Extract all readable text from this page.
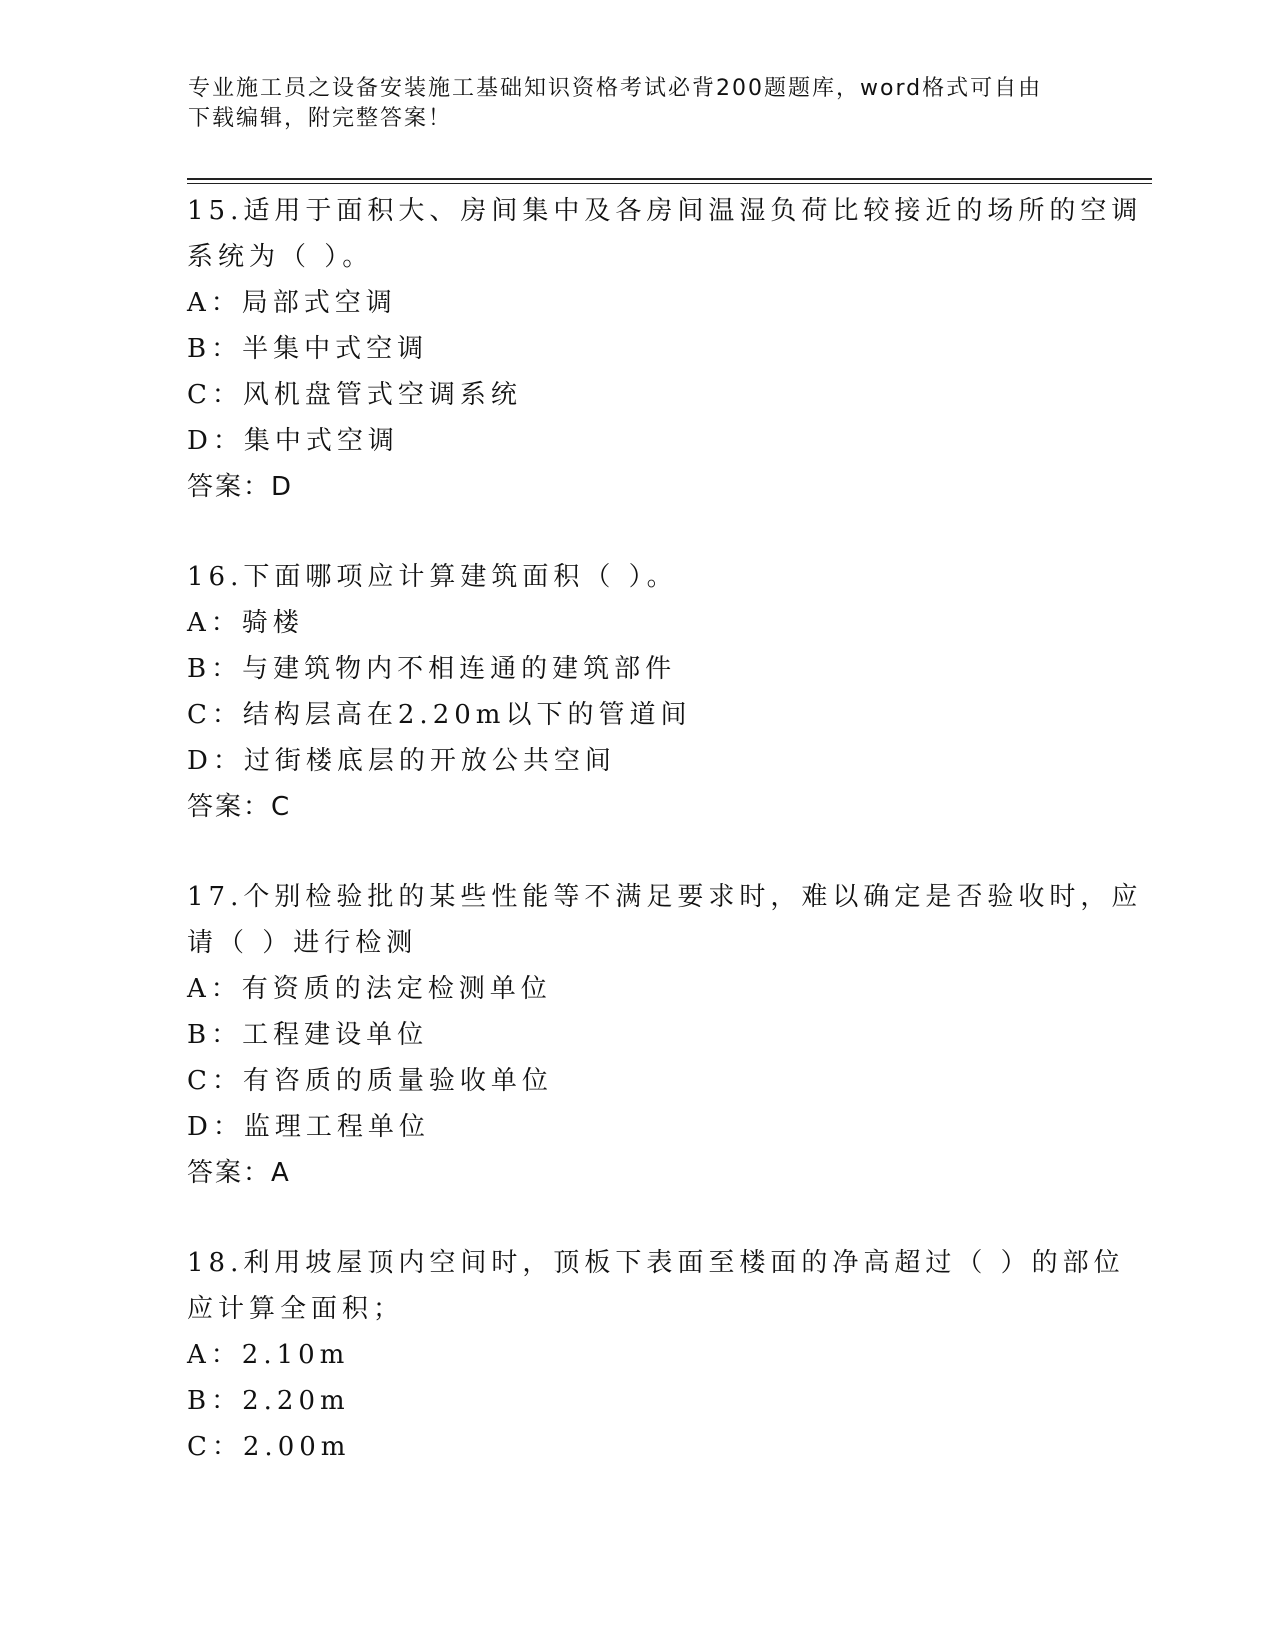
专业施工员之设备安装施工基础知识资格考试必背200题题库，word格式可自由
下载编辑，附完整答案！
15.适用于面积大、房间集中及各房间温湿负荷比较接近的场所的空调
系统为（ ）。
A：局部式空调
B：半集中式空调
C：风机盘管式空调系统
D：集中式空调
答案：D
16.下面哪项应计算建筑面积（ ）。
A：骑楼
B：与建筑物内不相连通的建筑部件
C：结构层高在2.20m以下的管道间
D：过街楼底层的开放公共空间
答案：C
17.个别检验批的某些性能等不满足要求时，难以确定是否验收时，应
请（ ）进行检测
A：有资质的法定检测单位
B：工程建设单位
C：有咨质的质量验收单位
D：监理工程单位
答案：A
18.利用坡屋顶内空间时，顶板下表面至楼面的净高超过（ ）的部位
应计算全面积；
A：2.10m
B：2.20m
C：2.00m
